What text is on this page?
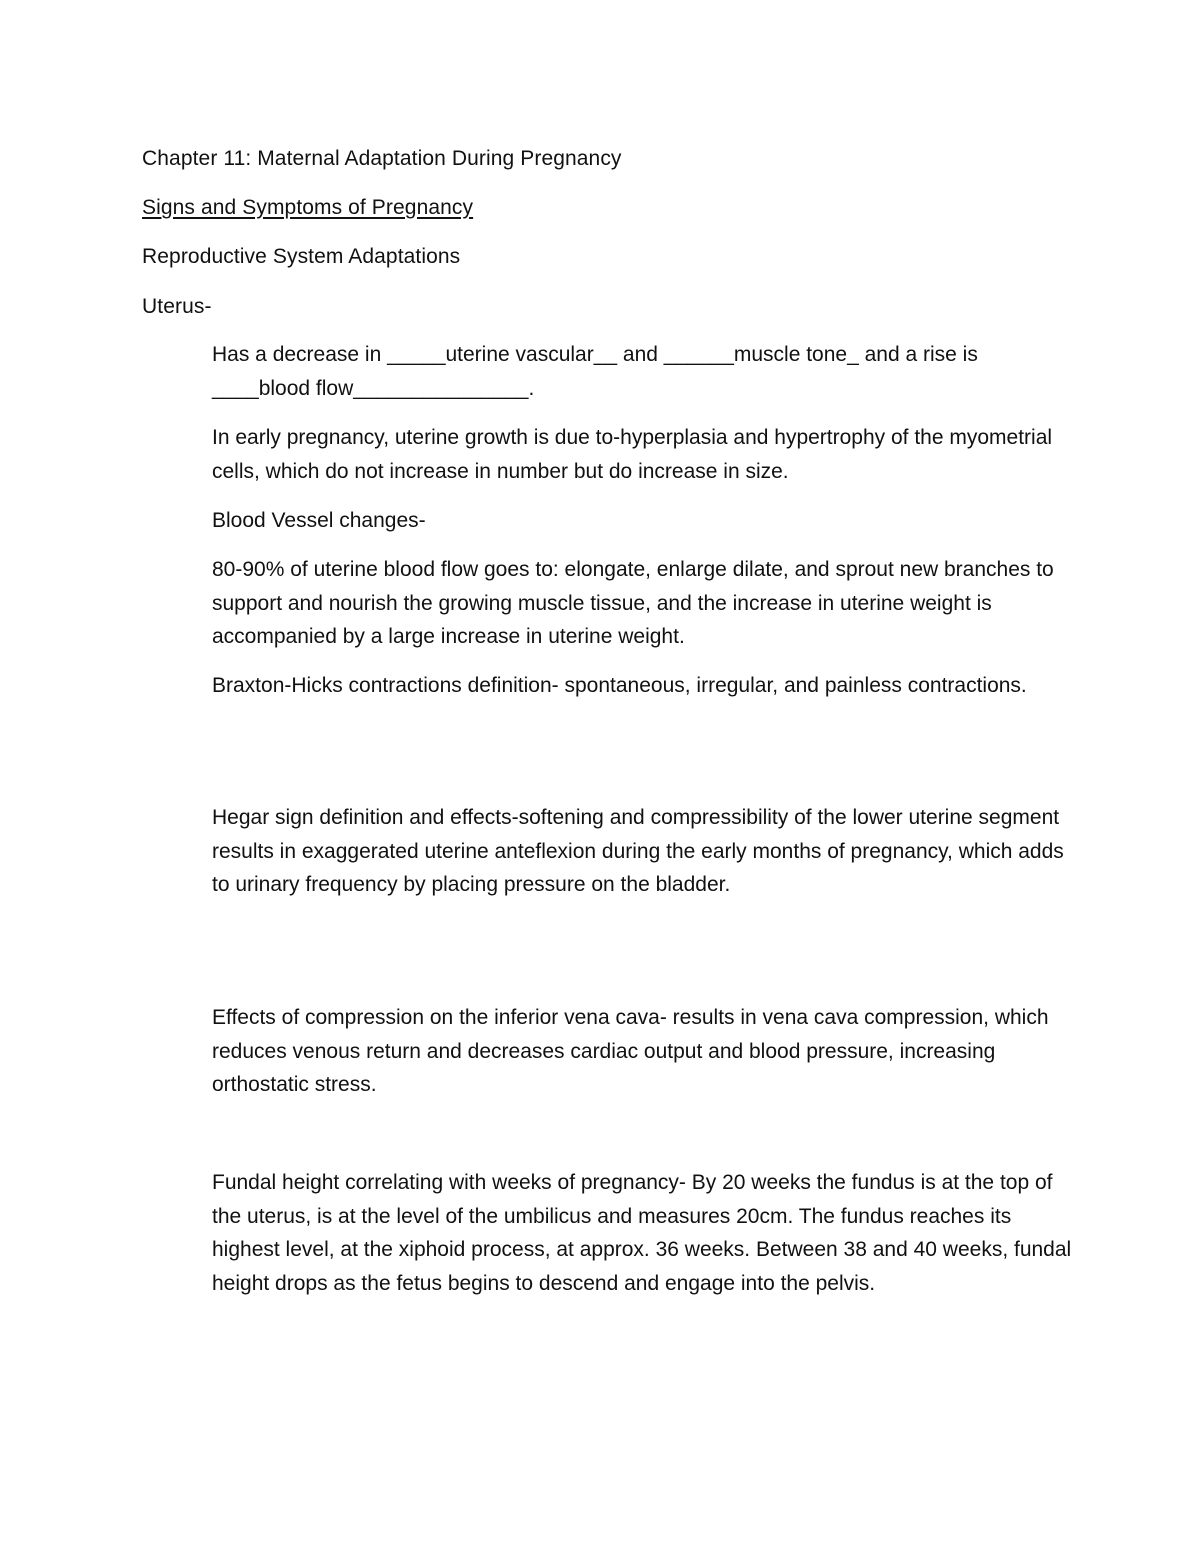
Chapter 11: Maternal Adaptation During Pregnancy
Signs and Symptoms of Pregnancy
Reproductive System Adaptations
Uterus-

Has a decrease in _____uterine vascular__ and ______muscle tone_ and a rise is ____blood flow_______________.

In early pregnancy, uterine growth is due to-hyperplasia and hypertrophy of the myometrial cells, which do not increase in number but do increase in size.

Blood Vessel changes-

80-90% of uterine blood flow goes to: elongate, enlarge dilate, and sprout new branches to support and nourish the growing muscle tissue, and the increase in uterine weight is accompanied by a large increase in uterine weight.

Braxton-Hicks contractions definition- spontaneous, irregular, and painless contractions.

Hegar sign definition and effects-softening and compressibility of the lower uterine segment results in exaggerated uterine anteflexion during the early months of pregnancy, which adds to urinary frequency by placing pressure on the bladder.

Effects of compression on the inferior vena cava- results in vena cava compression, which reduces venous return and decreases cardiac output and blood pressure, increasing orthostatic stress.

Fundal height correlating with weeks of pregnancy- By 20 weeks the fundus is at the top of the uterus, is at the level of the umbilicus and measures 20cm. The fundus reaches its highest level, at the xiphoid process, at approx. 36 weeks. Between 38 and 40 weeks, fundal height drops as the fetus begins to descend and engage into the pelvis.
